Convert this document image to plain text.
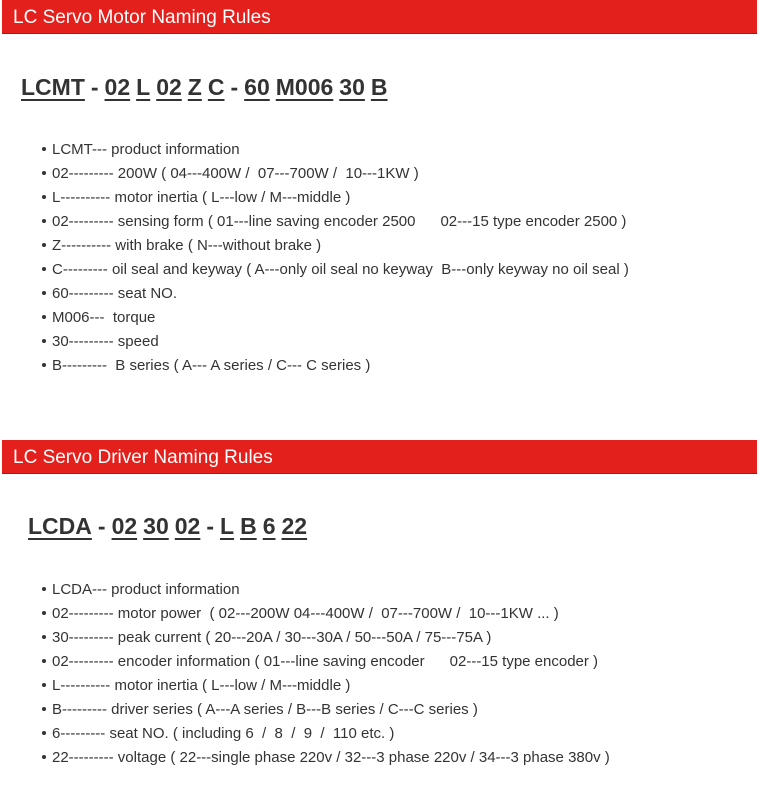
LC Servo Motor Naming Rules
LCMT - 02 L 02 Z C - 60 M006 30 B
LCMT--- product information
02--------- 200W ( 04---400W /  07---700W /  10---1KW )
L---------- motor inertia ( L---low / M---middle )
02--------- sensing form ( 01---line saving encoder 2500      02---15 type encoder 2500 )
Z---------- with brake ( N---without brake )
C--------- oil seal and keyway ( A---only oil seal no keyway  B---only keyway no oil seal )
60--------- seat NO.
M006---  torque
30--------- speed
B---------  B series ( A--- A series / C--- C series )
LC Servo Driver Naming Rules
LCDA - 02 30 02 - L B 6 22
LCDA--- product information
02--------- motor power  ( 02---200W 04---400W /  07---700W /  10---1KW ... )
30--------- peak current ( 20---20A / 30---30A / 50---50A / 75---75A )
02--------- encoder information ( 01---line saving encoder      02---15 type encoder )
L---------- motor inertia ( L---low / M---middle )
B--------- driver series ( A---A series / B---B series / C---C series )
6--------- seat NO. ( including 6  /  8  /  9  /  110 etc. )
22--------- voltage ( 22---single phase 220v / 32---3 phase 220v / 34---3 phase 380v )
